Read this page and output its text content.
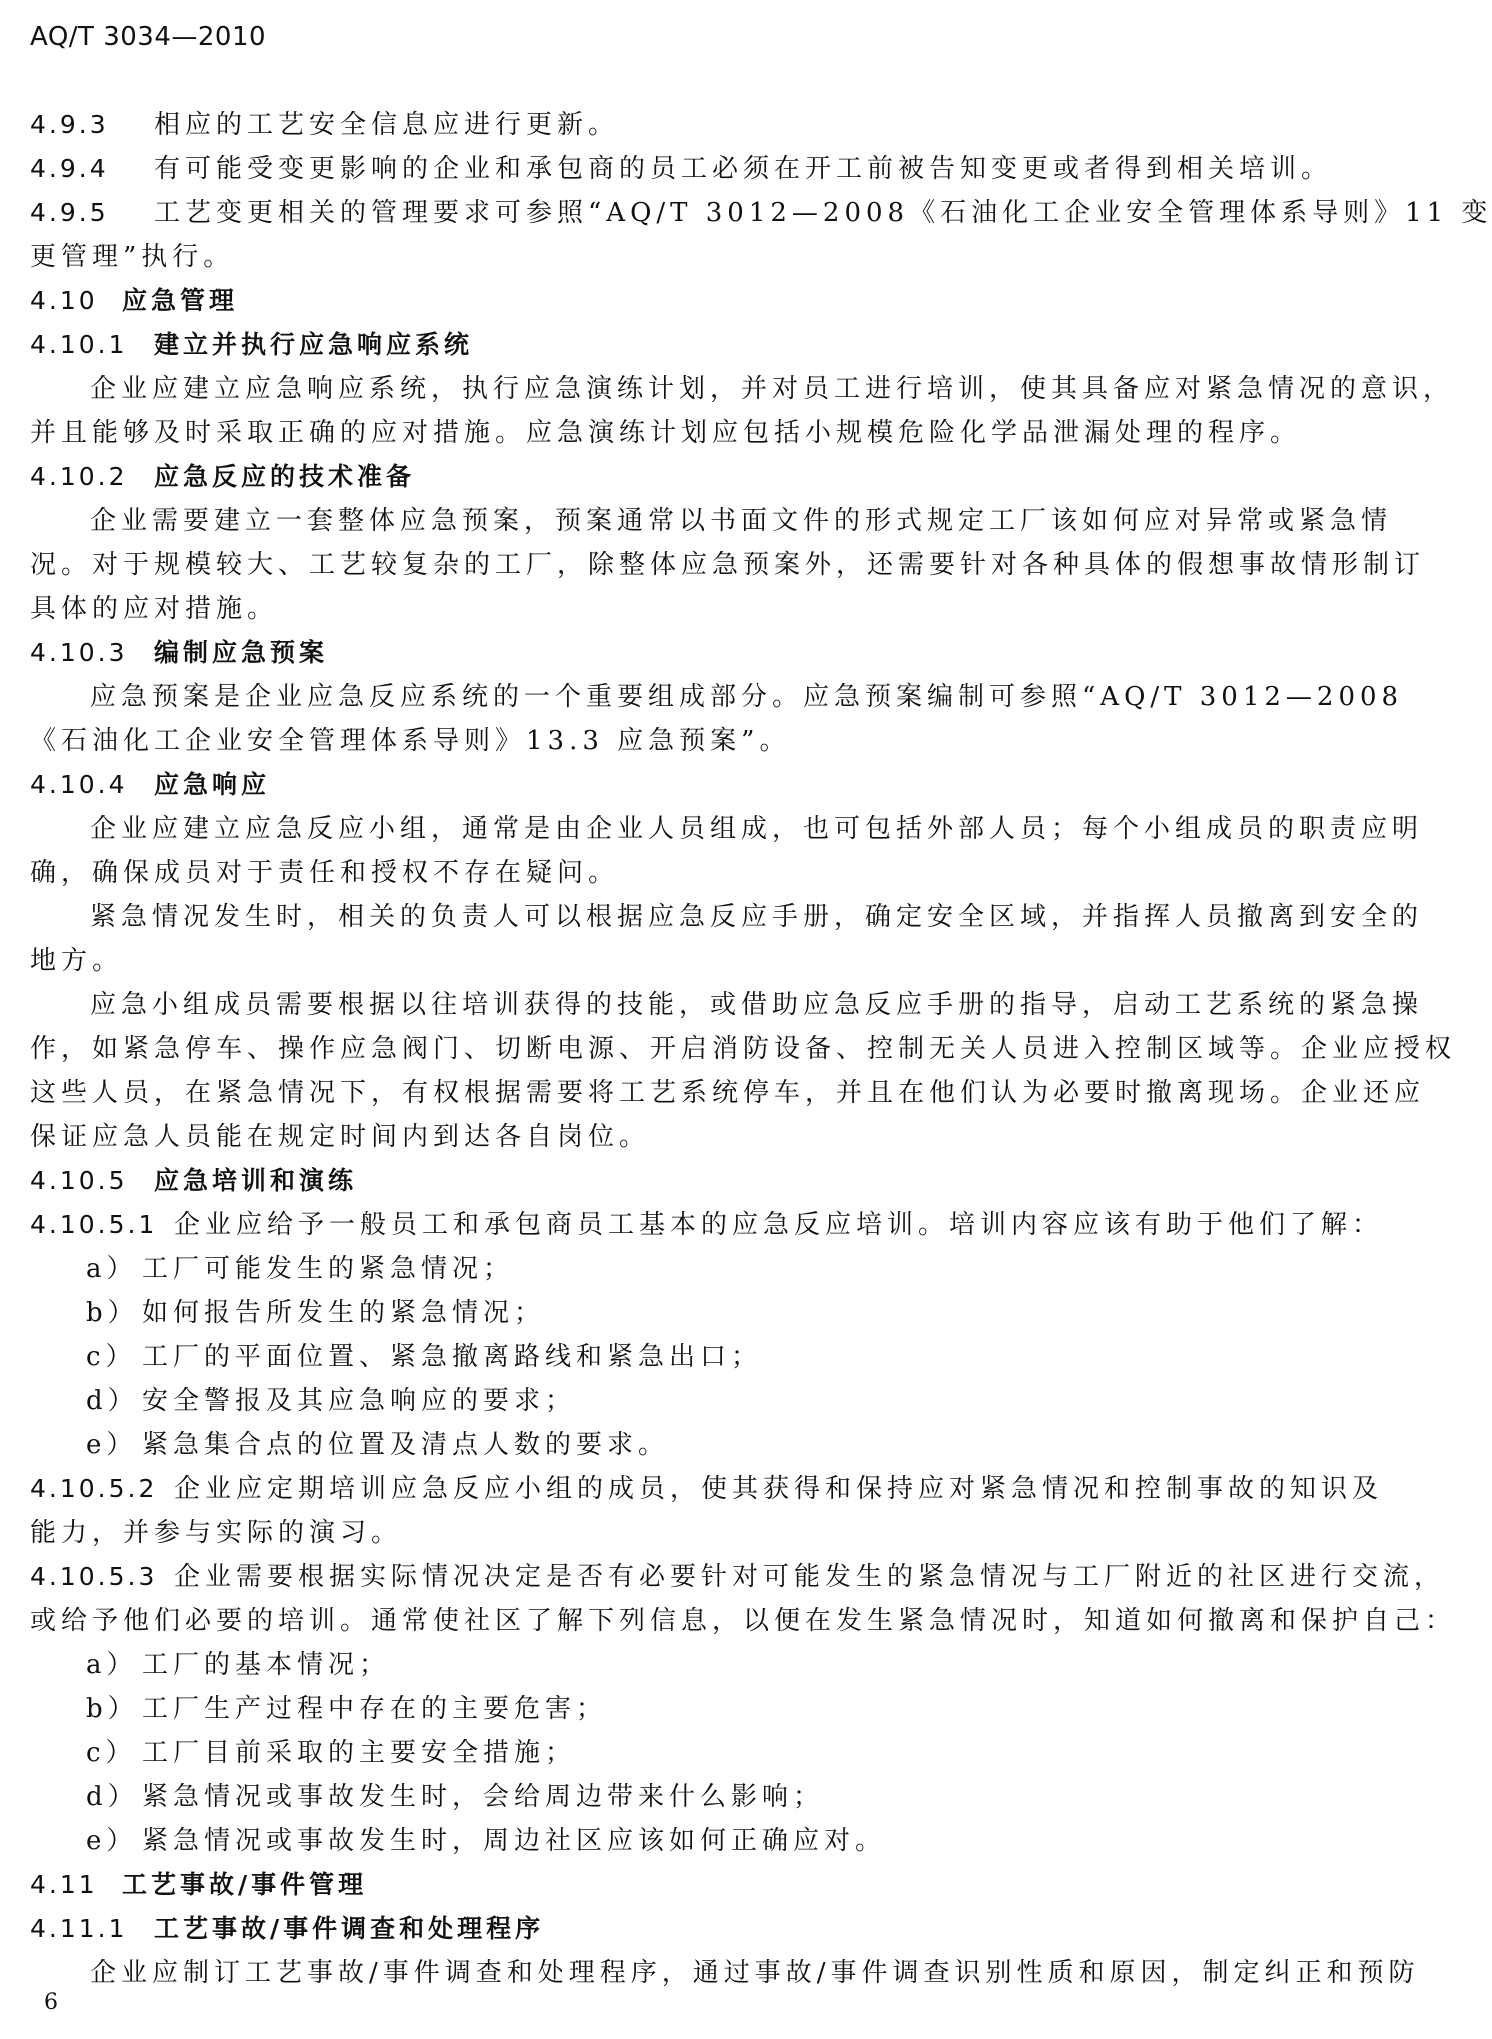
AQ/T 3034—2010
4.9.3 相应的工艺安全信息应进行更新。
4.9.4 有可能受变更影响的企业和承包商的员工必须在开工前被告知变更或者得到相关培训。
4.9.5 工艺变更相关的管理要求可参照“AQ/T 3012—2008《石油化工企业安全管理体系导则》11 变
更管理”执行。
4.10 应急管理
4.10.1 建立并执行应急响应系统
企业应建立应急响应系统，执行应急演练计划，并对员工进行培训，使其具备应对紧急情况的意识，
并且能够及时采取正确的应对措施。应急演练计划应包括小规模危险化学品泄漏处理的程序。
4.10.2 应急反应的技术准备
企业需要建立一套整体应急预案，预案通常以书面文件的形式规定工厂该如何应对异常或紧急情
况。对于规模较大、工艺较复杂的工厂，除整体应急预案外，还需要针对各种具体的假想事故情形制订
具体的应对措施。
4.10.3 编制应急预案
应急预案是企业应急反应系统的一个重要组成部分。应急预案编制可参照“AQ/T 3012—2008
《石油化工企业安全管理体系导则》13.3 应急预案”。
4.10.4 应急响应
企业应建立应急反应小组，通常是由企业人员组成，也可包括外部人员；每个小组成员的职责应明
确，确保成员对于责任和授权不存在疑问。
紧急情况发生时，相关的负责人可以根据应急反应手册，确定安全区域，并指挥人员撤离到安全的
地方。
应急小组成员需要根据以往培训获得的技能，或借助应急反应手册的指导，启动工艺系统的紧急操
作，如紧急停车、操作应急阀门、切断电源、开启消防设备、控制无关人员进入控制区域等。企业应授权
这些人员，在紧急情况下，有权根据需要将工艺系统停车，并且在他们认为必要时撤离现场。企业还应
保证应急人员能在规定时间内到达各自岗位。
4.10.5 应急培训和演练
4.10.5.1 企业应给予一般员工和承包商员工基本的应急反应培训。培训内容应该有助于他们了解：
a） 工厂可能发生的紧急情况；
b） 如何报告所发生的紧急情况；
c） 工厂的平面位置、紧急撤离路线和紧急出口；
d） 安全警报及其应急响应的要求；
e） 紧急集合点的位置及清点人数的要求。
4.10.5.2 企业应定期培训应急反应小组的成员，使其获得和保持应对紧急情况和控制事故的知识及
能力，并参与实际的演习。
4.10.5.3 企业需要根据实际情况决定是否有必要针对可能发生的紧急情况与工厂附近的社区进行交流，
或给予他们必要的培训。通常使社区了解下列信息，以便在发生紧急情况时，知道如何撤离和保护自己：
a） 工厂的基本情况；
b） 工厂生产过程中存在的主要危害；
c） 工厂目前采取的主要安全措施；
d） 紧急情况或事故发生时，会给周边带来什么影响；
e） 紧急情况或事故发生时，周边社区应该如何正确应对。
4.11 工艺事故/事件管理
4.11.1 工艺事故/事件调查和处理程序
企业应制订工艺事故/事件调查和处理程序，通过事故/事件调查识别性质和原因，制定纠正和预防
6
